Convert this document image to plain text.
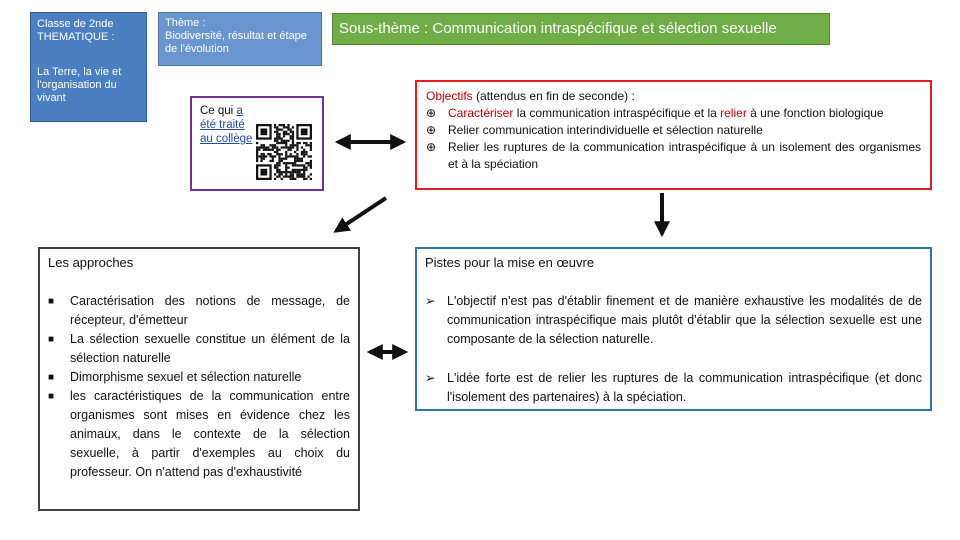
Classe de 2nde

THEMATIQUE :

La Terre, la vie et l'organisation du vivant

Thème :

Biodiversité, résultat et étape de l'évolution

Sous-thème : Communication intraspécifique et sélection sexuelle
Ce qui a été traité au collège

Objectifs (attendus en fin de seconde) :

⊕ Caractériser la communication intraspécifique et la relier à une fonction biologique
⊕ Relier communication interindividuelle et sélection naturelle
⊕ Relier les ruptures de la communication intraspécifique à un isolement des organismes et à la spéciation

Les approches

■	Caractérisation des notions de message, de récepteur, d'émetteur
■	La sélection sexuelle constitue un élément de la sélection naturelle
■	Dimorphisme sexuel et sélection naturelle
■	les caractéristiques de la communication entre organismes sont mises en évidence chez les animaux, dans le contexte de la sélection sexuelle, à partir d'exemples au choix du professeur. On n'attend pas d'exhaustivité

Pistes pour la mise en œuvre

➢ L'objectif n'est pas d'établir finement et de manière exhaustive les modalités de de communication intraspécifique mais plutôt d'établir que la sélection sexuelle est une composante de la sélection naturelle.
➢ L'idée forte est de relier les ruptures de la communication intraspécifique (et donc l'isolement des partenaires) à la spéciation.
